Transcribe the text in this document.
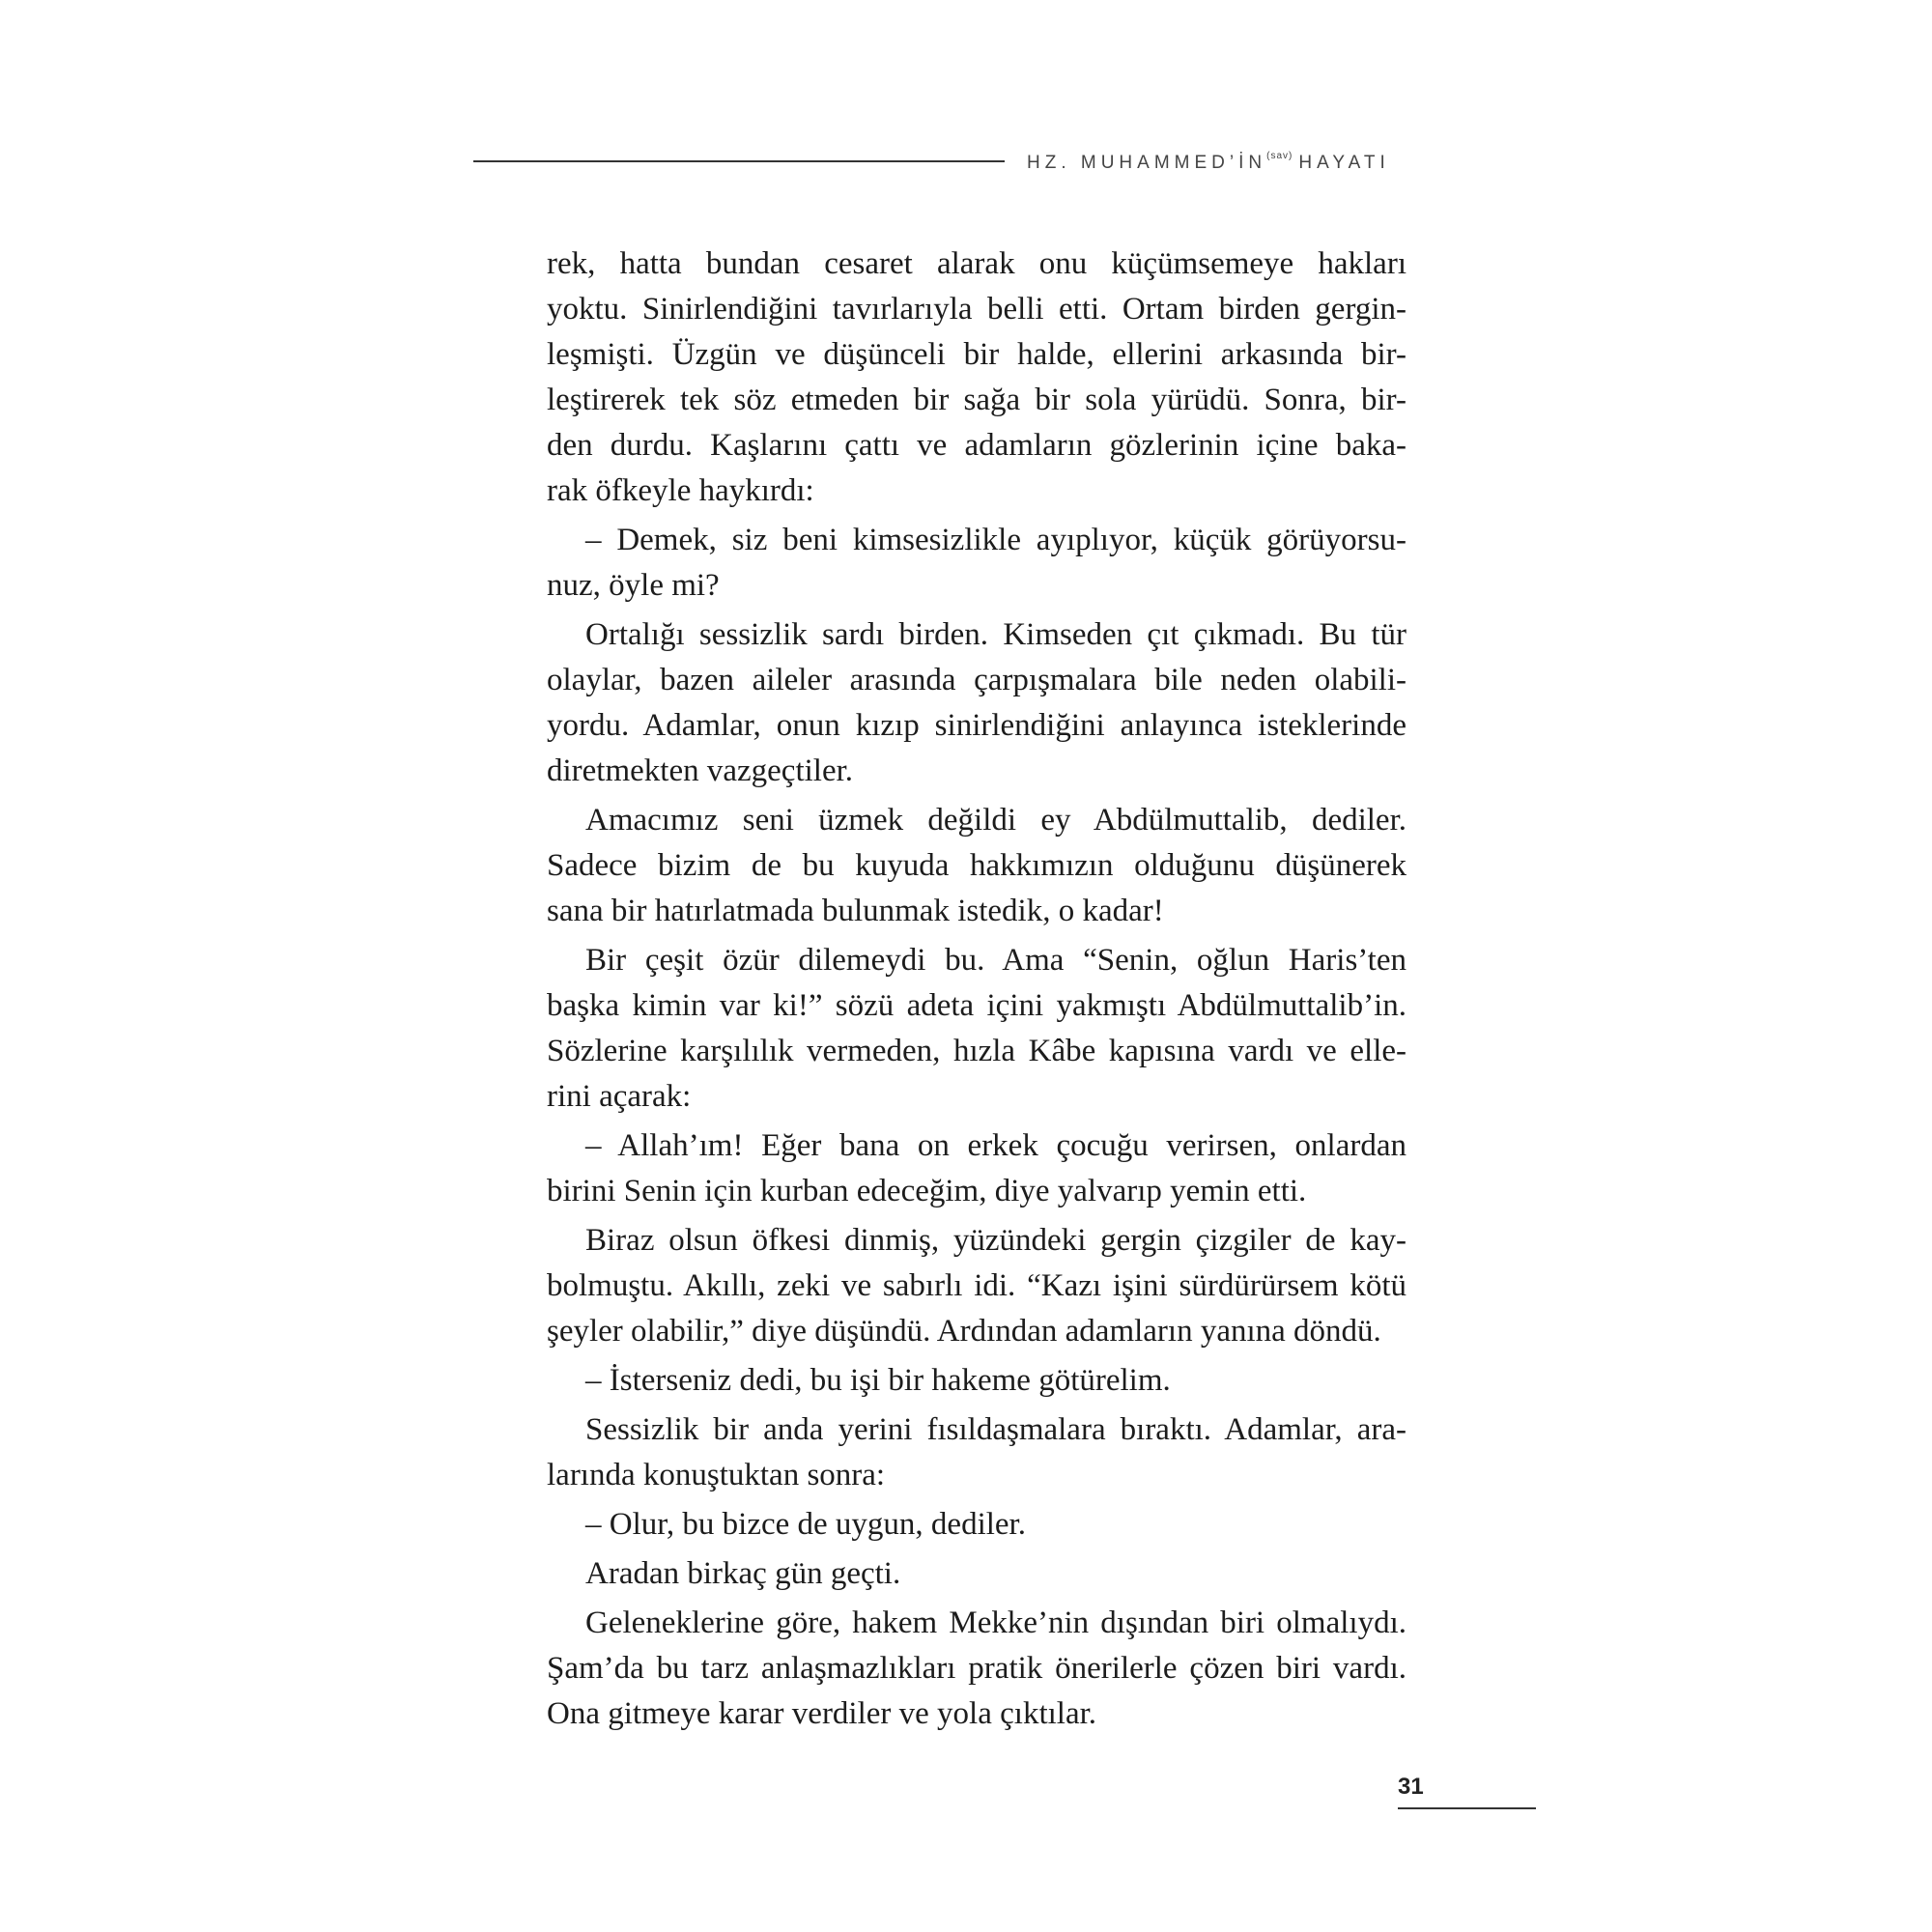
HZ. $MUHAMMED’İN^{(sav)}$ HAYATI
rek, hatta bundan cesaret alarak onu küçümsemeye hakları
yoktu. Sinirlendiğini tavırlarıyla belli etti. Ortam birden gergin-
leşmişti. Üzgün ve düşünceli bir halde, ellerini arkasında bir-
leştirerek tek söz etmeden bir sağa bir sola yürüdü. Sonra, bir-
den durdu. Kaşlarını çattı ve adamların gözlerinin içine baka-
rak öfkeyle haykırdı:
– Demek, siz beni kimsesizlikle ayıplıyor, küçük görüyorsu-
nuz, öyle mi?
Ortalığı sessizlik sardı birden. Kimseden çıt çıkmadı. Bu tür
olaylar, bazen aileler arasında çarpışmalara bile neden olabili-
yordu. Adamlar, onun kızıp sinirlendiğini anlayınca isteklerinde
diretmekten vazgeçtiler.
Amacımız seni üzmek değildi ey Abdülmuttalib, dediler.
Sadece bizim de bu kuyuda hakkımızın olduğunu düşünerek
sana bir hatırlatmada bulunmak istedik, o kadar!
Bir çeşit özür dilemeydi bu. Ama “Senin, oğlun Haris’ten
başka kimin var ki!” sözü adeta içini yakmıştı Abdülmuttalib’in.
Sözlerine karşılılık vermeden, hızla Kâbe kapısına vardı ve elle-
rini açarak:
– Allah’ım! Eğer bana on erkek çocuğu verirsen, onlardan
birini Senin için kurban edeceğim, diye yalvarıp yemin etti.
Biraz olsun öfkesi dinmiş, yüzündeki gergin çizgiler de kay-
bolmuştu. Akıllı, zeki ve sabırlı idi. “Kazı işini sürdürürsem kötü
şeyler olabilir,” diye düşündü. Ardından adamların yanına döndü.
– İsterseniz dedi, bu işi bir hakeme götürelim.
Sessizlik bir anda yerini fısıldaşmalara bıraktı. Adamlar, ara-
larında konuştuktan sonra:
– Olur, bu bizce de uygun, dediler.
Aradan birkaç gün geçti.
Geleneklerine göre, hakem Mekke’nin dışından biri olmalıydı.
Şam’da bu tarz anlaşmazlıkları pratik önerilerle çözen biri vardı.
Ona gitmeye karar verdiler ve yola çıktılar.
31
